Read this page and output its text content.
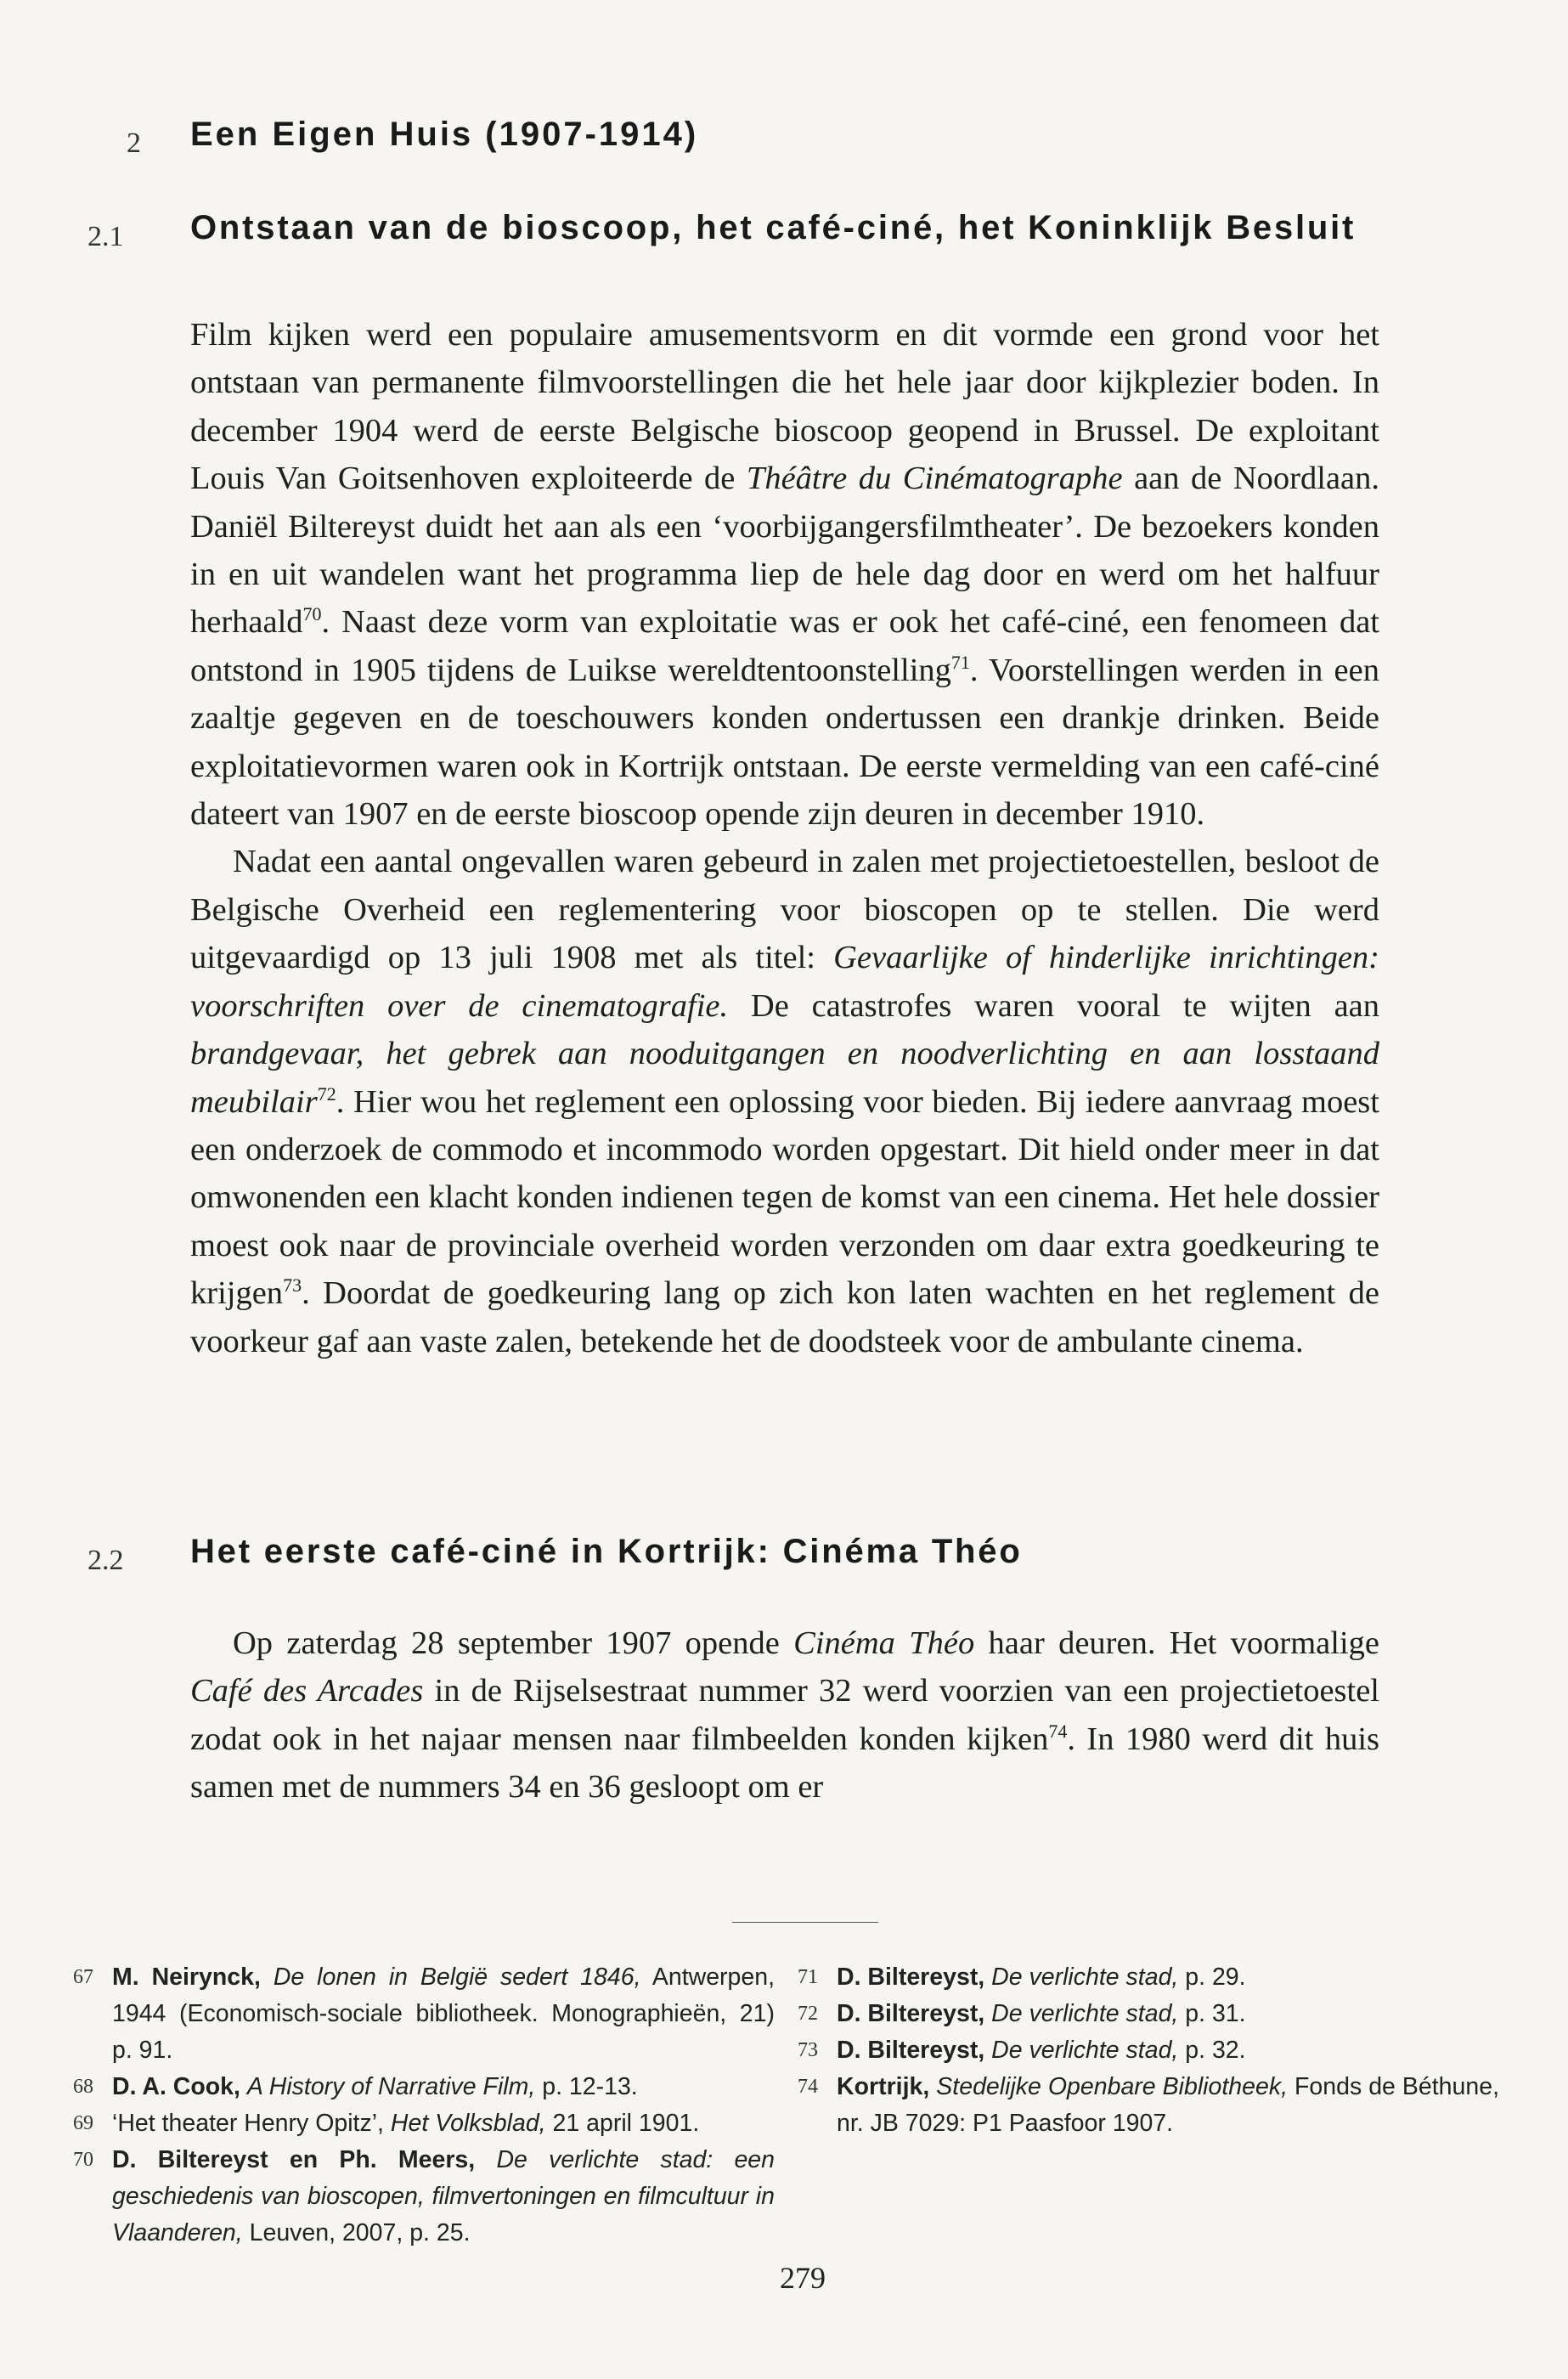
2 Een Eigen Huis (1907-1914)
2.1 Ontstaan van de bioscoop, het café-ciné, het Koninklijk Besluit

Film kijken werd een populaire amusementsvorm en dit vormde een grond voor het ontstaan van permanente filmvoorstellingen die het hele jaar door kijkplezier boden. In december 1904 werd de eerste Belgische bioscoop geopend in Brussel. De exploitant Louis Van Goitsenhoven exploiteerde de Théâtre du Cinématographe aan de Noordlaan. Daniël Biltereyst duidt het aan als een ‘voorbijgangersfilmtheater’. De bezoekers konden in en uit wandelen want het programma liep de hele dag door en werd om het halfuur herhaald$^{70}$. Naast deze vorm van exploitatie was er ook het café-ciné, een fenomeen dat ontstond in 1905 tijdens de Luikse wereldtentoonstelling$^{71}$. Voorstellingen werden in een zaaltje gegeven en de toeschouwers konden ondertussen een drankje drinken. Beide exploitatievormen waren ook in Kortrijk ontstaan. De eerste vermelding van een café-ciné dateert van 1907 en de eerste bioscoop opende zijn deuren in december 1910.

Nadat een aantal ongevallen waren gebeurd in zalen met projectietoestellen, besloot de Belgische Overheid een reglementering voor bioscopen op te stellen. Die werd uitgevaardigd op 13 juli 1908 met als titel: Gevaarlijke of hinderlijke inrichtingen: voorschriften over de cinematografie. De catastrofes waren vooral te wijten aan brandgevaar, het gebrek aan nooduitgangen en noodverlichting en aan losstaand meubilair$^{72}$. Hier wou het reglement een oplossing voor bieden. Bij iedere aanvraag moest een onderzoek de commodo et incommodo worden opgestart. Dit hield onder meer in dat omwonenden een klacht konden indienen tegen de komst van een cinema. Het hele dossier moest ook naar de provinciale overheid worden verzonden om daar extra goedkeuring te krijgen$^{73}$. Doordat de goedkeuring lang op zich kon laten wachten en het reglement de voorkeur gaf aan vaste zalen, betekende het de doodsteek voor de ambulante cinema.

2.2 Het eerste café-ciné in Kortrijk: Cinéma Théo

Op zaterdag 28 september 1907 opende Cinéma Théo haar deuren. Het voormalige Café des Arcades in de Rijselsestraat nummer 32 werd voorzien van een projectietoestel zodat ook in het najaar mensen naar filmbeelden konden kijken$^{74}$. In 1980 werd dit huis samen met de nummers 34 en 36 gesloopt om er

67 M. Neirynck, De lonen in België sedert 1846, Antwerpen, 1944 (Economisch-sociale bibliotheek. Monographieën, 21) p. 91.

68 D. A. Cook, A History of Narrative Film, p. 12-13.

69 ‘Het theater Henry Opitz’, Het Volksblad, 21 april 1901.

70 D. Biltereyst en Ph. Meers, De verlichte stad: een geschiedenis van bioscopen, filmvertoningen en filmcultuur in Vlaanderen, Leuven, 2007, p. 25.

71 D. Biltereyst, De verlichte stad, p. 29.

72 D. Biltereyst, De verlichte stad, p. 31.

73 D. Biltereyst, De verlichte stad, p. 32.

74 Kortrijk, Stedelijke Openbare Bibliotheek, Fonds de Béthune, nr. JB 7029: P1 Paasfoor 1907.

279
